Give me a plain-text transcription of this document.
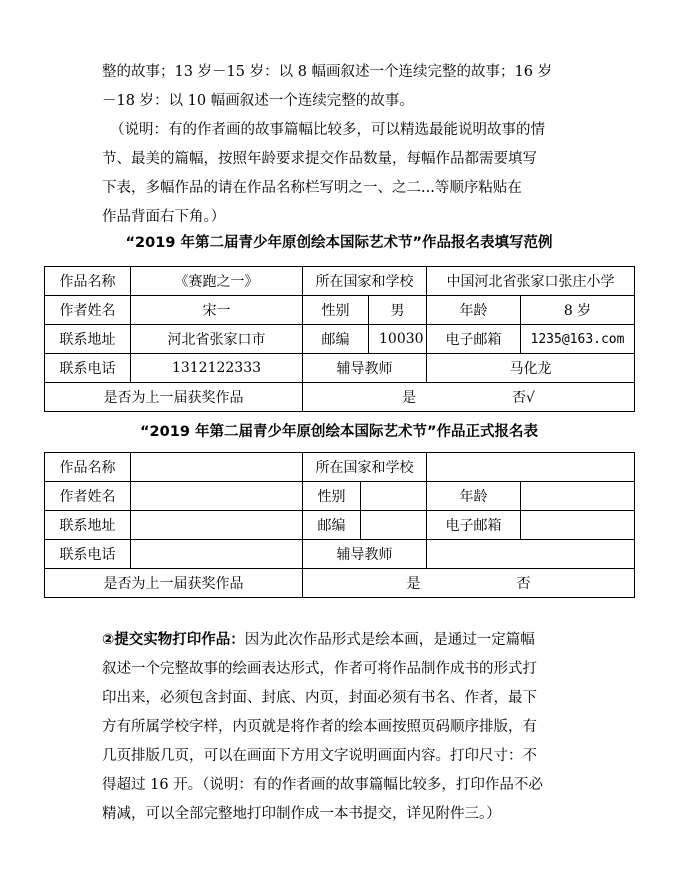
整的故事；13 岁－15 岁：以 8 幅画叙述一个连续完整的故事；16 岁
－18 岁：以 10 幅画叙述一个连续完整的故事。
（说明：有的作者画的故事篇幅比较多，可以精选最能说明故事的情
节、最美的篇幅，按照年龄要求提交作品数量，每幅作品都需要填写
下表，多幅作品的请在作品名称栏写明之一、之二...等顺序粘贴在
作品背面右下角。）
“2019 年第二届青少年原创绘本国际艺术节”作品报名表填写范例
作品名称	《赛跑之一》	所在国家和学校		中国河北省张家口张庄小学	
作者姓名	宋一	性别	男	年龄	8 岁
联系地址	河北省张家口市	邮编	10030	电子邮箱	1235@163.com
联系电话	1312122333	辅导教师		马化龙	
是否为上一届获奖作品		是 否√			
“2019 年第二届青少年原创绘本国际艺术节”作品正式报名表
作品名称		所在国家和学校			
作者姓名		性别		年龄	
联系地址		邮编		电子邮箱	
联系电话		辅导教师			
是否为上一届获奖作品		是 否			
②提交实物打印作品：因为此次作品形式是绘本画，是通过一定篇幅
叙述一个完整故事的绘画表达形式，作者可将作品制作成书的形式打
印出来，必须包含封面、封底、内页，封面必须有书名、作者，最下
方有所属学校字样，内页就是将作者的绘本画按照页码顺序排版，有
几页排版几页，可以在画面下方用文字说明画面内容。打印尺寸：不
得超过 16 开。（说明：有的作者画的故事篇幅比较多，打印作品不必
精减，可以全部完整地打印制作成一本书提交，详见附件三。）
